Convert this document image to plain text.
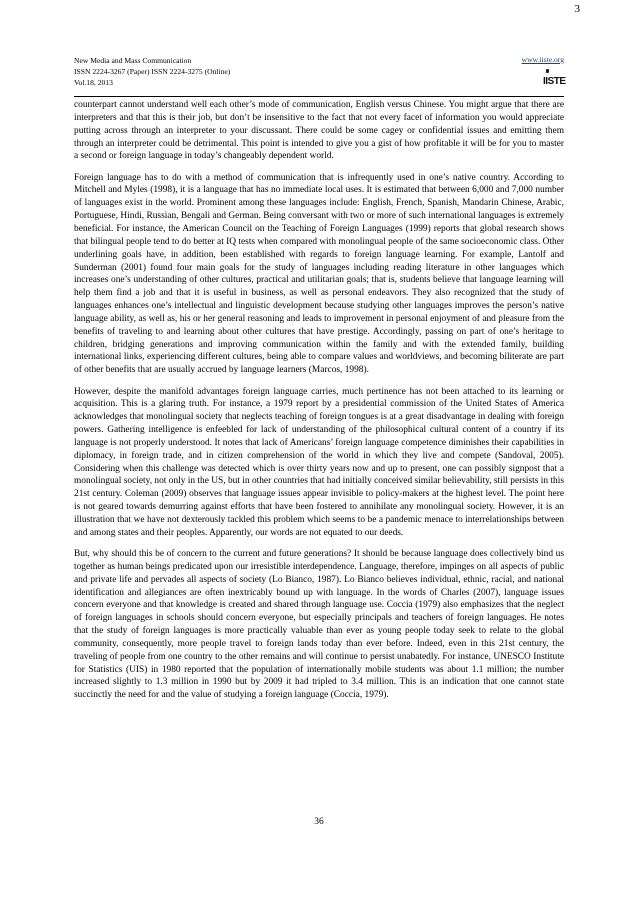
3
New Media and Mass Communication
ISSN 2224-3267 (Paper) ISSN 2224-3275 (Online)
Vol.18, 2013
www.iiste.org
IISTE

counterpart cannot understand well each other’s mode of communication, English versus Chinese. You might argue that there are interpreters and that this is their job, but don’t be insensitive to the fact that not every facet of information you would appreciate putting across through an interpreter to your discussant. There could be some cagey or confidential issues and emitting them through an interpreter could be detrimental. This point is intended to give you a gist of how profitable it will be for you to master a second or foreign language in today’s changeably dependent world.

Foreign language has to do with a method of communication that is infrequently used in one’s native country. According to Mitchell and Myles (1998), it is a language that has no immediate local uses. It is estimated that between 6,000 and 7,000 number of languages exist in the world. Prominent among these languages include: English, French, Spanish, Mandarin Chinese, Arabic, Portuguese, Hindi, Russian, Bengali and German. Being conversant with two or more of such international languages is extremely beneficial. For instance, the American Council on the Teaching of Foreign Languages (1999) reports that global research shows that bilingual people tend to do better at IQ tests when compared with monolingual people of the same socioeconomic class. Other underlining goals have, in addition, been established with regards to foreign language learning. For example, Lantolf and Sunderman (2001) found four main goals for the study of languages including reading literature in other languages which increases one’s understanding of other cultures, practical and utilitarian goals; that is, students believe that language learning will help them find a job and that it is useful in business, as well as personal endeavors. They also recognized that the study of languages enhances one’s intellectual and linguistic development because studying other languages improves the person’s native language ability, as well as, his or her general reasoning and leads to improvement in personal enjoyment of and pleasure from the benefits of traveling to and learning about other cultures that have prestige. Accordingly, passing on part of one’s heritage to children, bridging generations and improving communication within the family and with the extended family, building international links, experiencing different cultures, being able to compare values and worldviews, and becoming biliterate are part of other benefits that are usually accrued by language learners (Marcos, 1998).

However, despite the manifold advantages foreign language carries, much pertinence has not been attached to its learning or acquisition. This is a glaring truth. For instance, a 1979 report by a presidential commission of the United States of America acknowledges that monolingual society that neglects teaching of foreign tongues is at a great disadvantage in dealing with foreign powers. Gathering intelligence is enfeebled for lack of understanding of the philosophical cultural content of a country if its language is not properly understood. It notes that lack of Americans’ foreign language competence diminishes their capabilities in diplomacy, in foreign trade, and in citizen comprehension of the world in which they live and compete (Sandoval, 2005). Considering when this challenge was detected which is over thirty years now and up to present, one can possibly signpost that a monolingual society, not only in the US, but in other countries that had initially conceived similar believability, still persists in this 21st century. Coleman (2009) observes that language issues appear invisible to policy-makers at the highest level. The point here is not geared towards demurring against efforts that have been fostered to annihilate any monolingual society. However, it is an illustration that we have not dexterously tackled this problem which seems to be a pandemic menace to interrelationships between and among states and their peoples. Apparently, our words are not equated to our deeds.

But, why should this be of concern to the current and future generations? It should be because language does collectively bind us together as human beings predicated upon our irresistible interdependence. Language, therefore, impinges on all aspects of public and private life and pervades all aspects of society (Lo Bianco, 1987). Lo Bianco believes individual, ethnic, racial, and national identification and allegiances are often inextricably bound up with language. In the words of Charles (2007), language issues concern everyone and that knowledge is created and shared through language use. Coccia (1979) also emphasizes that the neglect of foreign languages in schools should concern everyone, but especially principals and teachers of foreign languages. He notes that the study of foreign languages is more practically valuable than ever as young people today seek to relate to the global community, consequently, more people travel to foreign lands today than ever before. Indeed, even in this 21st century, the traveling of people from one country to the other remains and will continue to persist unabatedly. For instance, UNESCO Institute for Statistics (UIS) in 1980 reported that the population of internationally mobile students was about 1.1 million; the number increased slightly to 1.3 million in 1990 but by 2009 it had tripled to 3.4 million. This is an indication that one cannot state succinctly the need for and the value of studying a foreign language (Coccia, 1979).

36
